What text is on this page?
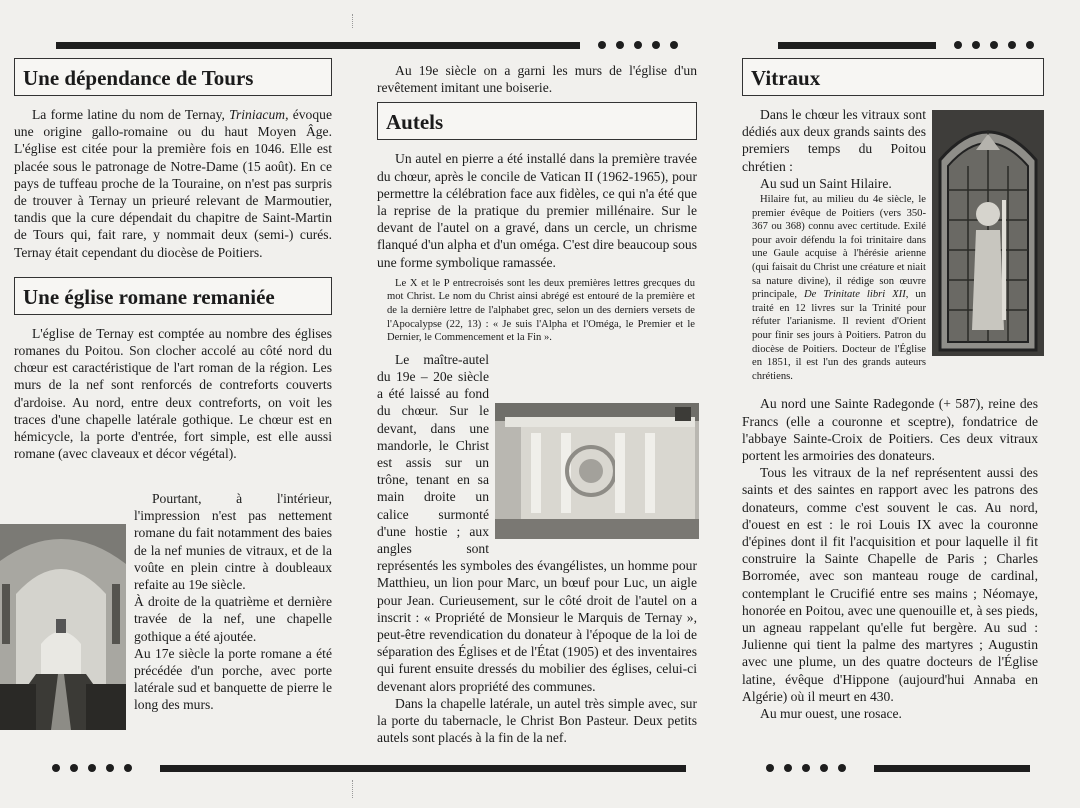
Une dépendance de Tours

La forme latine du nom de Ternay, Triniacum, évoque une origine gallo-romaine ou du haut Moyen Âge. L'église est citée pour la première fois en 1046. Elle est placée sous le patronage de Notre-Dame (15 août). En ce pays de tuffeau proche de la Touraine, on n'est pas surpris de trouver à Ternay un prieuré relevant de Marmoutier, tandis que la cure dépendait du chapitre de Saint-Martin de Tours qui, fait rare, y nommait deux (semi-) curés. Ternay était cependant du diocèse de Poitiers.

Une église romane remaniée

L'église de Ternay est comptée au nombre des églises romanes du Poitou. Son clocher accolé au côté nord du chœur est caractéristique de l'art roman de la région. Les murs de la nef sont renforcés de contreforts couverts d'ardoise. Au nord, entre deux contreforts, on voit les traces d'une chapelle latérale gothique. Le chœur est en hémicycle, la porte d'entrée, fort simple, est elle aussi romane (avec claveaux et décor végétal).

Pourtant, à l'intérieur, l'impression n'est pas nettement romane du fait notamment des baies de la nef munies de vitraux, et de la voûte en plein cintre à doubleaux refaite au 19e siècle.

À droite de la quatrième et dernière travée de la nef, une chapelle gothique a été ajoutée.

Au 17e siècle la porte romane a été précédée d'un porche, avec porte latérale sud et banquette de pierre le long des murs.

Au 19e siècle on a garni les murs de l'église d'un revêtement imitant une boiserie.

Autels

Un autel en pierre a été installé dans la première travée du chœur, après le concile de Vatican II (1962-1965), pour permettre la célébration face aux fidèles, ce qui n'a été que la reprise de la pratique du premier millénaire. Sur le devant de l'autel on a gravé, dans un cercle, un chrisme flanqué d'un alpha et d'un oméga. C'est dire beaucoup sous une forme symbolique ramassée.

Le X et le P entrecroisés sont les deux premières lettres grecques du mot Christ. Le nom du Christ ainsi abrégé est entouré de la première et de la dernière lettre de l'alphabet grec, selon un des derniers versets de l'Apocalypse (22, 13) : « Je suis l'Alpha et l'Oméga, le Premier et le Dernier, le Commencement et la Fin ».

Le maître-autel du 19e – 20e siècle a été laissé au fond du chœur. Sur le devant, dans une mandorle, le Christ est assis sur un trône, tenant en sa main droite un calice surmonté d'une hostie ; aux angles sont représentés les symboles des évangélistes, un homme pour Matthieu, un lion pour Marc, un bœuf pour Luc, un aigle pour Jean. Curieusement, sur le côté droit de l'autel on a inscrit : « Propriété de Monsieur le Marquis de Ternay », peut-être revendication du donateur à l'époque de la loi de séparation des Églises et de l'État (1905) et des inventaires qui furent ensuite dressés du mobilier des églises, celui-ci devenant alors propriété des communes.

Dans la chapelle latérale, un autel très simple avec, sur la porte du tabernacle, le Christ Bon Pasteur. Deux petits autels sont placés à la fin de la nef.

Vitraux

Dans le chœur les vitraux sont dédiés aux deux grands saints des premiers temps du Poitou chrétien :

Au sud un Saint Hilaire.

Hilaire fut, au milieu du 4e siècle, le premier évêque de Poitiers (vers 350-367 ou 368) connu avec certitude. Exilé pour avoir défendu la foi trinitaire dans une Gaule acquise à l'hérésie arienne (qui faisait du Christ une créature et niait sa nature divine), il rédige son œuvre principale, De Trinitate libri XII, un traité en 12 livres sur la Trinité pour réfuter l'arianisme. Il revient d'Orient pour finir ses jours à Poitiers. Patron du diocèse de Poitiers. Docteur de l'Église en 1851, il est l'un des grands auteurs chrétiens.

Au nord une Sainte Radegonde (+ 587), reine des Francs (elle a couronne et sceptre), fondatrice de l'abbaye Sainte-Croix de Poitiers. Ces deux vitraux portent les armoiries des donateurs.

Tous les vitraux de la nef représentent aussi des saints et des saintes en rapport avec les patrons des donateurs, comme c'est souvent le cas. Au nord, d'ouest en est : le roi Louis IX avec la couronne d'épines dont il fit l'acquisition et pour laquelle il fit construire la Sainte Chapelle de Paris ; Charles Borromée, avec son manteau rouge de cardinal, contemplant le Crucifié entre ses mains ; Néomaye, honorée en Poitou, avec une quenouille et, à ses pieds, un agneau rappelant qu'elle fut bergère. Au sud : Julienne qui tient la palme des martyres ; Augustin avec une plume, un des quatre docteurs de l'Église latine, évêque d'Hippone (aujourd'hui Annaba en Algérie) où il meurt en 430.

Au mur ouest, une rosace.
